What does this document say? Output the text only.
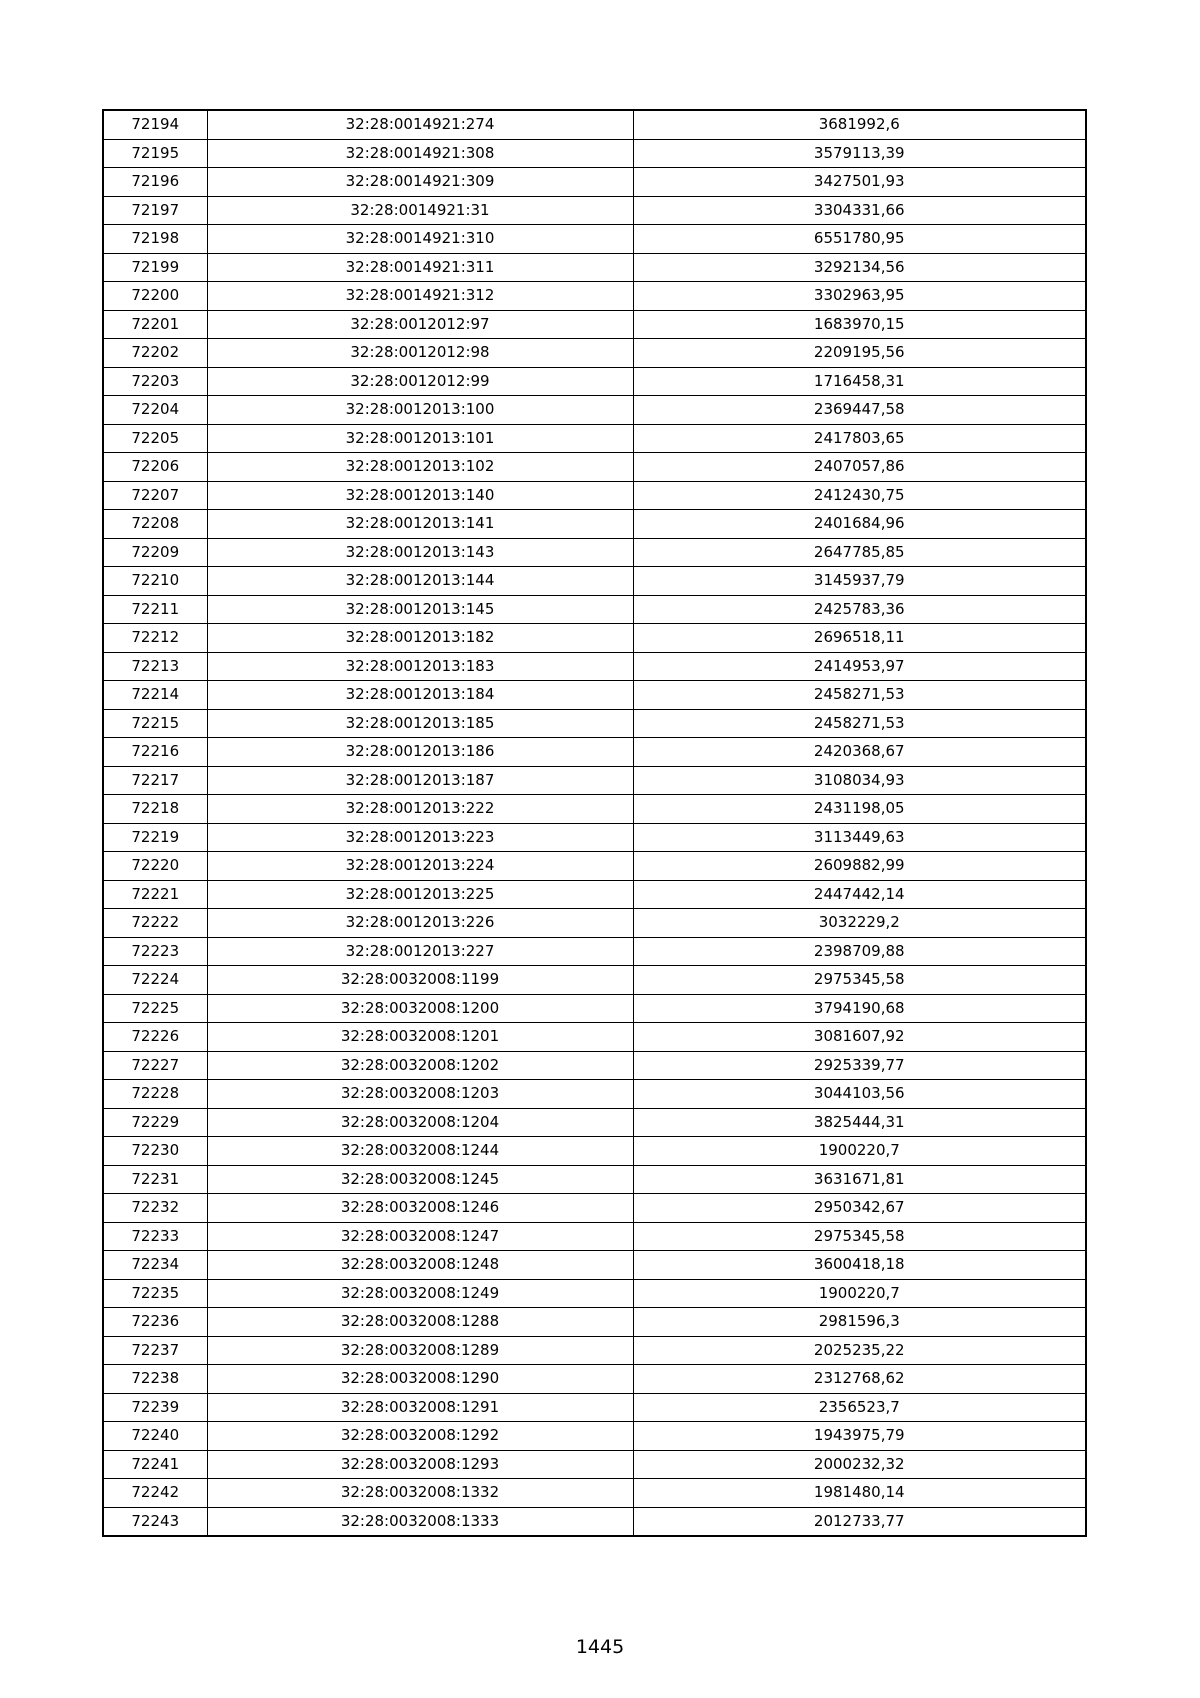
72194	32:28:0014921:274	3681992,6
72195	32:28:0014921:308	3579113,39
72196	32:28:0014921:309	3427501,93
72197	32:28:0014921:31	3304331,66
72198	32:28:0014921:310	6551780,95
72199	32:28:0014921:311	3292134,56
72200	32:28:0014921:312	3302963,95
72201	32:28:0012012:97	1683970,15
72202	32:28:0012012:98	2209195,56
72203	32:28:0012012:99	1716458,31
72204	32:28:0012013:100	2369447,58
72205	32:28:0012013:101	2417803,65
72206	32:28:0012013:102	2407057,86
72207	32:28:0012013:140	2412430,75
72208	32:28:0012013:141	2401684,96
72209	32:28:0012013:143	2647785,85
72210	32:28:0012013:144	3145937,79
72211	32:28:0012013:145	2425783,36
72212	32:28:0012013:182	2696518,11
72213	32:28:0012013:183	2414953,97
72214	32:28:0012013:184	2458271,53
72215	32:28:0012013:185	2458271,53
72216	32:28:0012013:186	2420368,67
72217	32:28:0012013:187	3108034,93
72218	32:28:0012013:222	2431198,05
72219	32:28:0012013:223	3113449,63
72220	32:28:0012013:224	2609882,99
72221	32:28:0012013:225	2447442,14
72222	32:28:0012013:226	3032229,2
72223	32:28:0012013:227	2398709,88
72224	32:28:0032008:1199	2975345,58
72225	32:28:0032008:1200	3794190,68
72226	32:28:0032008:1201	3081607,92
72227	32:28:0032008:1202	2925339,77
72228	32:28:0032008:1203	3044103,56
72229	32:28:0032008:1204	3825444,31
72230	32:28:0032008:1244	1900220,7
72231	32:28:0032008:1245	3631671,81
72232	32:28:0032008:1246	2950342,67
72233	32:28:0032008:1247	2975345,58
72234	32:28:0032008:1248	3600418,18
72235	32:28:0032008:1249	1900220,7
72236	32:28:0032008:1288	2981596,3
72237	32:28:0032008:1289	2025235,22
72238	32:28:0032008:1290	2312768,62
72239	32:28:0032008:1291	2356523,7
72240	32:28:0032008:1292	1943975,79
72241	32:28:0032008:1293	2000232,32
72242	32:28:0032008:1332	1981480,14
72243	32:28:0032008:1333	2012733,77
1445
